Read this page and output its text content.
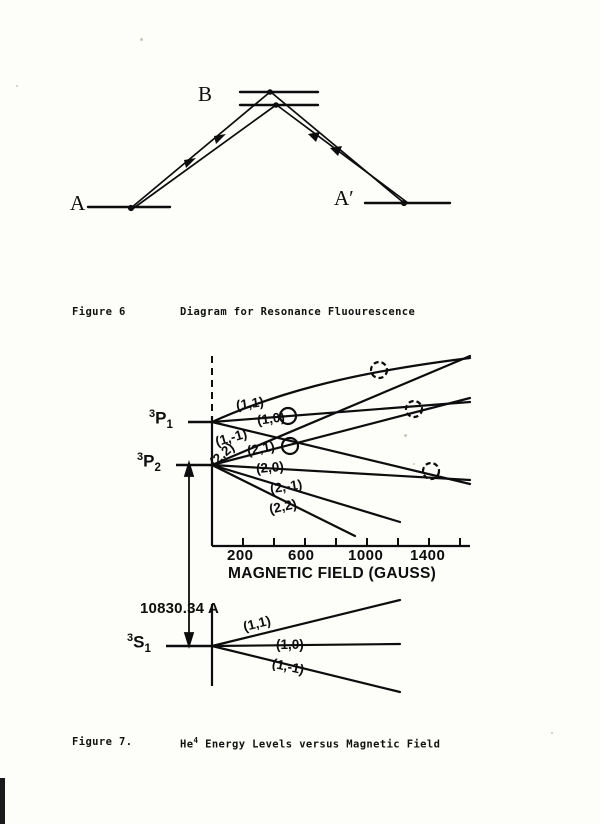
A
B
A′
Figure 6	Diagram for Resonance Fluourescence
$^3P_1$
$^3P_2$
$^3S_1$
(1,1)
(1,0)
(1,-1)
(2,2) (2,1)
(2,0)
(2,-1)
(2,2)
200 600 1000 1400
MAGNETIC FIELD (GAUSS)
10830.34 A
(1,1)
(1,0)
(1,-1)
Figure 7.	He$^4$ Energy Levels versus Magnetic Field
